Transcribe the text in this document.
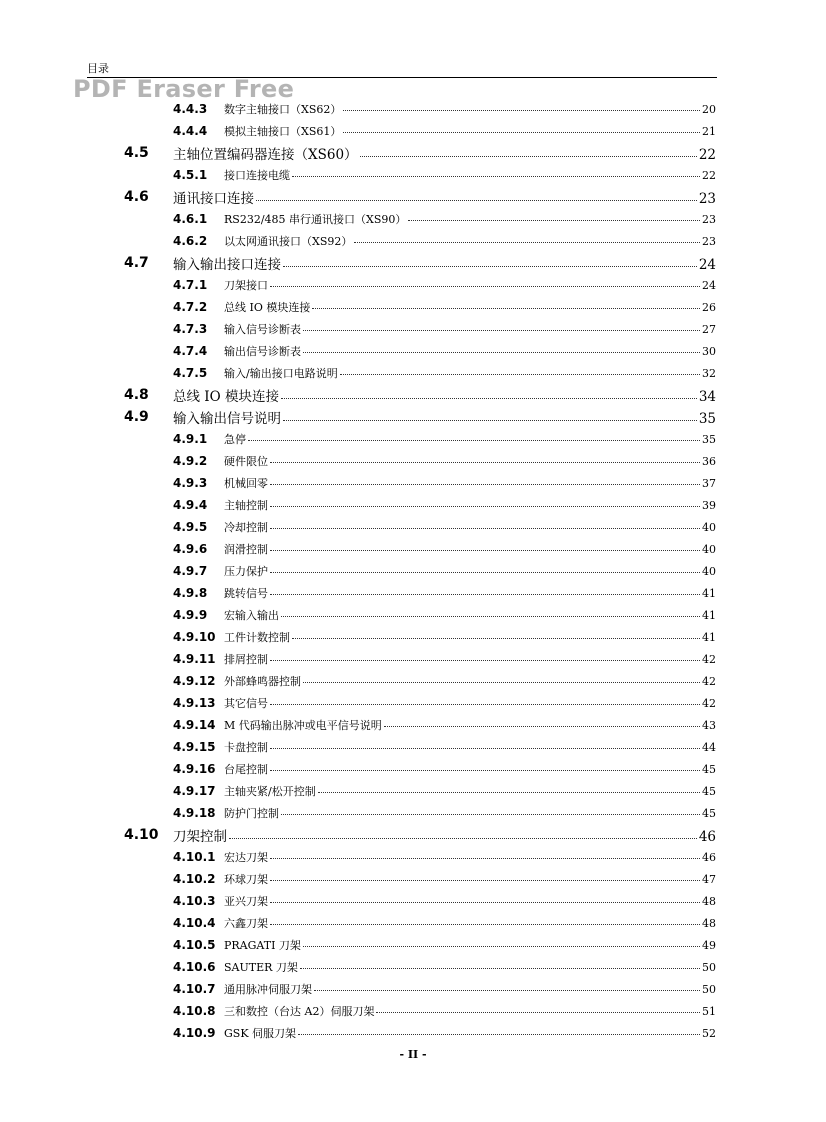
目录
PDF Eraser Free
4.4.3 数字主轴接口（XS62）	20
4.4.4 模拟主轴接口（XS61）	21
4.5 主轴位置编码器连接（XS60）	22
4.5.1 接口连接电缆	22
4.6 通讯接口连接	23
4.6.1 RS232/485 串行通讯接口（XS90）	23
4.6.2 以太网通讯接口（XS92）	23
4.7 输入输出接口连接	24
4.7.1 刀架接口	24
4.7.2 总线 IO 模块连接	26
4.7.3 输入信号诊断表	27
4.7.4 输出信号诊断表	30
4.7.5 输入/输出接口电路说明	32
4.8 总线 IO 模块连接	34
4.9 输入输出信号说明	35
4.9.1 急停	35
4.9.2 硬件限位	36
4.9.3 机械回零	37
4.9.4 主轴控制	39
4.9.5 冷却控制	40
4.9.6 润滑控制	40
4.9.7 压力保护	40
4.9.8 跳转信号	41
4.9.9 宏输入输出	41
4.9.10 工件计数控制	41
4.9.11 排屑控制	42
4.9.12 外部蜂鸣器控制	42
4.9.13 其它信号	42
4.9.14 M 代码输出脉冲或电平信号说明	43
4.9.15 卡盘控制	44
4.9.16 台尾控制	45
4.9.17 主轴夹紧/松开控制	45
4.9.18 防护门控制	45
4.10 刀架控制	46
4.10.1 宏达刀架	46
4.10.2 环球刀架	47
4.10.3 亚兴刀架	48
4.10.4 六鑫刀架	48
4.10.5 PRAGATI 刀架	49
4.10.6 SAUTER 刀架	50
4.10.7 通用脉冲伺服刀架	50
4.10.8 三和数控（台达 A2）伺服刀架	51
4.10.9 GSK 伺服刀架	52
- II -
